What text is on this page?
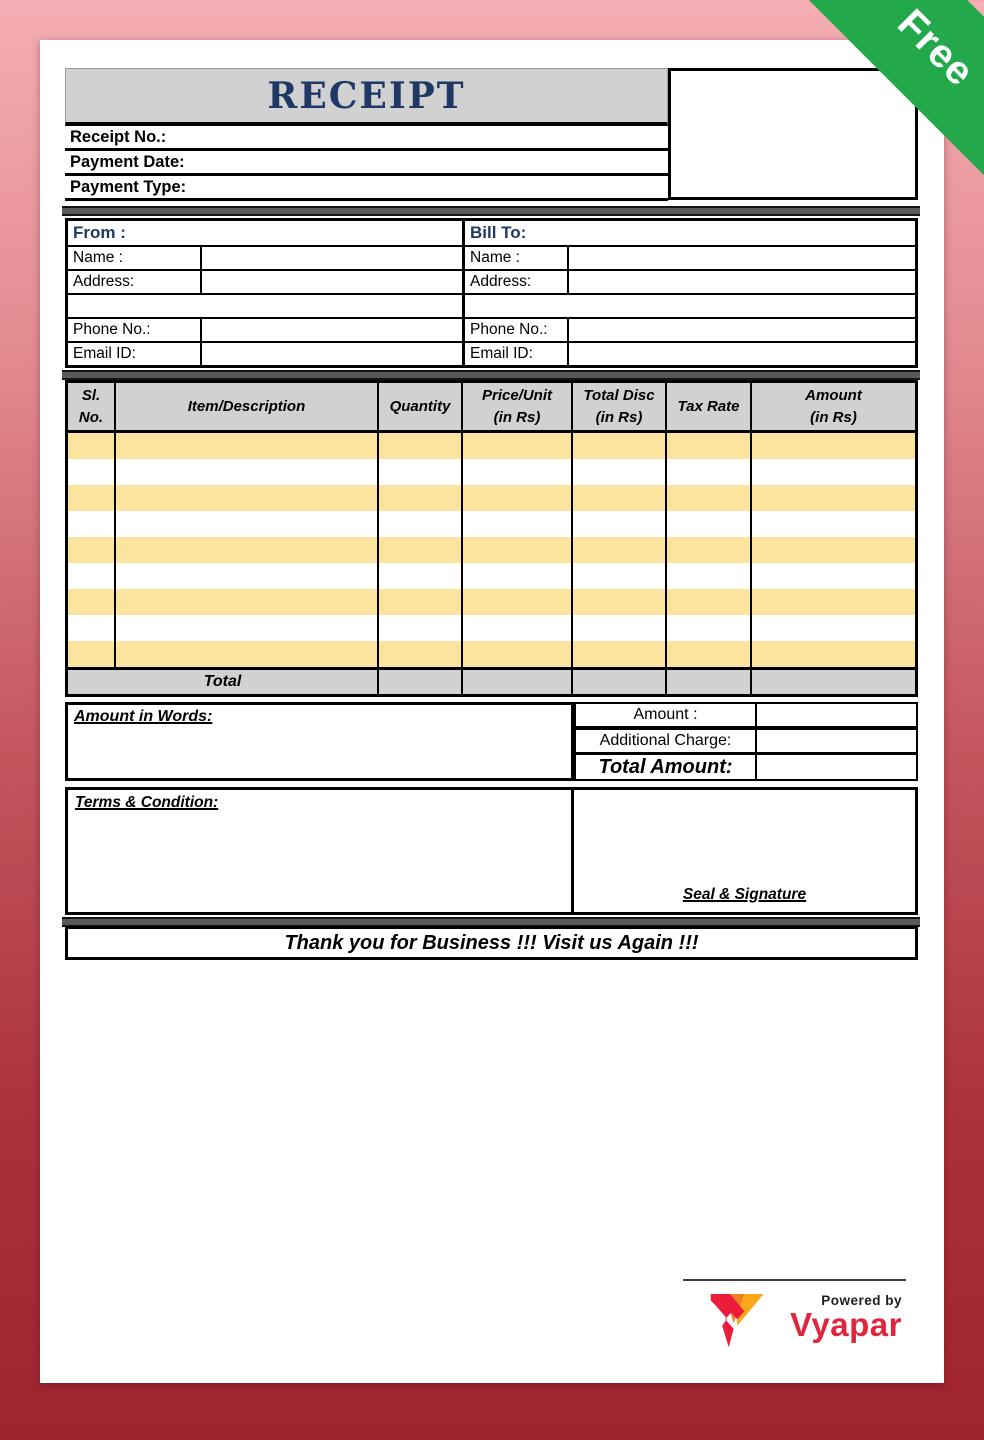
RECEIPT
Receipt No.:
Payment Date:
Payment Type:
From :
Name :
Address:
Phone No.:
Email ID:
Bill To:
Name :
Address:
Phone No.:
Email ID:
Sl.
No.
Item/Description	Quantity
Price/Unit
(in Rs)
Total Disc
(in Rs)
Tax Rate
Amount
(in Rs)
Total
Amount in Words:	Amount :
Additional Charge:
Total Amount:
Terms & Condition:
Seal & Signature
Thank you for Business !!! Visit us Again !!!
Powered by
Vyapar
Free
